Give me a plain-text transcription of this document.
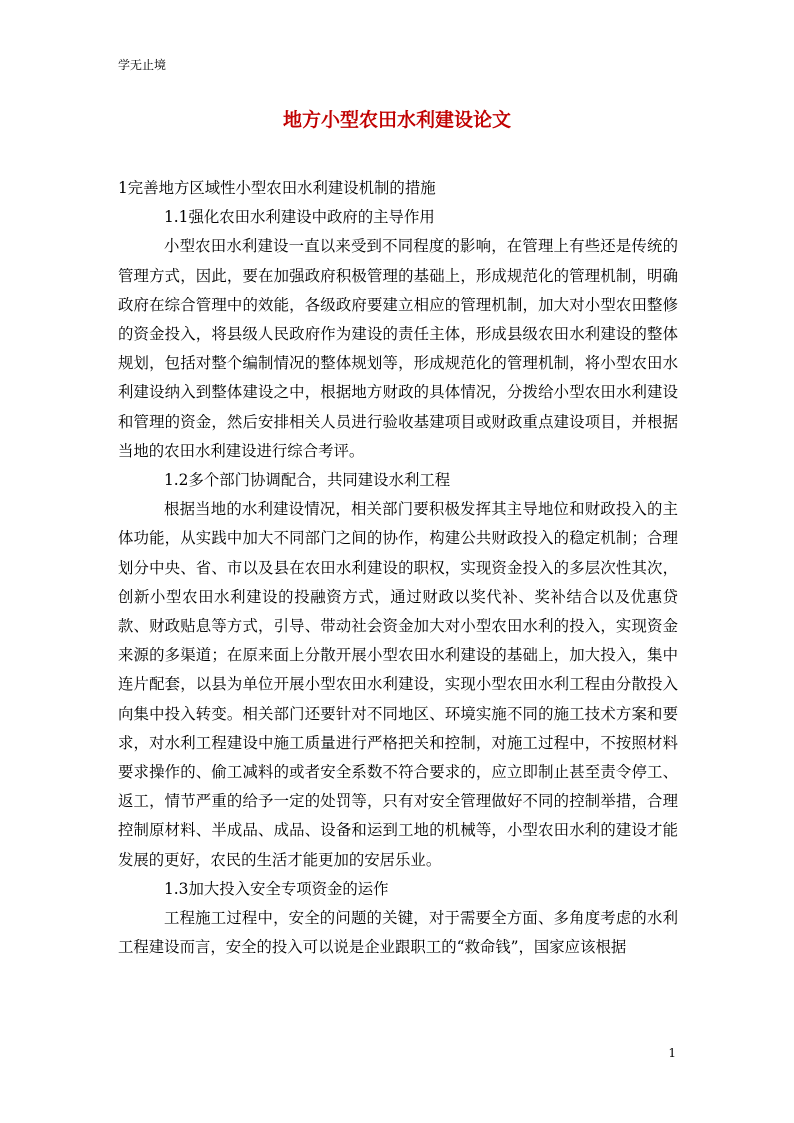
学无止境
地方小型农田水利建设论文

1完善地方区域性小型农田水利建设机制的措施

1.1强化农田水利建设中政府的主导作用

小型农田水利建设一直以来受到不同程度的影响，在管理上有些还是传统的管理方式，因此，要在加强政府积极管理的基础上，形成规范化的管理机制，明确政府在综合管理中的效能，各级政府要建立相应的管理机制，加大对小型农田整修的资金投入，将县级人民政府作为建设的责任主体，形成县级农田水利建设的整体规划，包括对整个编制情况的整体规划等，形成规范化的管理机制，将小型农田水利建设纳入到整体建设之中，根据地方财政的具体情况，分拨给小型农田水利建设和管理的资金，然后安排相关人员进行验收基建项目或财政重点建设项目，并根据当地的农田水利建设进行综合考评。

1.2多个部门协调配合，共同建设水利工程

根据当地的水利建设情况，相关部门要积极发挥其主导地位和财政投入的主体功能，从实践中加大不同部门之间的协作，构建公共财政投入的稳定机制；合理划分中央、省、市以及县在农田水利建设的职权，实现资金投入的多层次性其次，创新小型农田水利建设的投融资方式，通过财政以奖代补、奖补结合以及优惠贷款、财政贴息等方式，引导、带动社会资金加大对小型农田水利的投入，实现资金来源的多渠道；在原来面上分散开展小型农田水利建设的基础上，加大投入，集中连片配套，以县为单位开展小型农田水利建设，实现小型农田水利工程由分散投入向集中投入转变。相关部门还要针对不同地区、环境实施不同的施工技术方案和要求，对水利工程建设中施工质量进行严格把关和控制，对施工过程中，不按照材料要求操作的、偷工减料的或者安全系数不符合要求的，应立即制止甚至责令停工、返工，情节严重的给予一定的处罚等，只有对安全管理做好不同的控制举措，合理控制原材料、半成品、成品、设备和运到工地的机械等，小型农田水利的建设才能发展的更好，农民的生活才能更加的安居乐业。

1.3加大投入安全专项资金的运作

工程施工过程中，安全的问题的关键，对于需要全方面、多角度考虑的水利工程建设而言，安全的投入可以说是企业跟职工的“救命钱”，国家应该根据

1
